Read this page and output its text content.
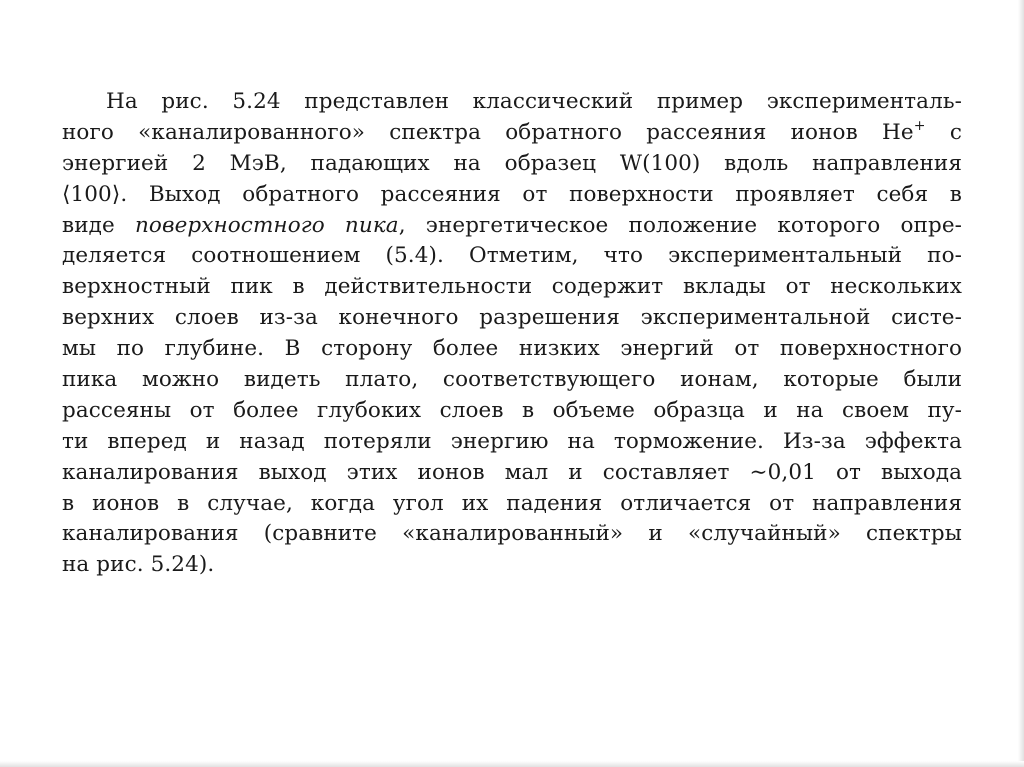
На рис. 5.24 представлен классический пример эксперименталь-
ного «каналированного» спектра обратного рассеяния ионов He+ с
энергией 2 МэВ, падающих на образец W(100) вдоль направления
⟨100⟩. Выход обратного рассеяния от поверхности проявляет себя в
виде поверхностного пика, энергетическое положение которого опре-
деляется соотношением (5.4). Отметим, что экспериментальный по-
верхностный пик в действительности содержит вклады от нескольких
верхних слоев из-за конечного разрешения экспериментальной систе-
мы по глубине. В сторону более низких энергий от поверхностного
пика можно видеть плато, соответствующего ионам, которые были
рассеяны от более глубоких слоев в объеме образца и на своем пу-
ти вперед и назад потеряли энергию на торможение. Из-за эффекта
каналирования выход этих ионов мал и составляет ∼0,01 от выхода
в ионов в случае, когда угол их падения отличается от направления
каналирования (сравните «каналированный» и «случайный» спектры
на рис. 5.24).
